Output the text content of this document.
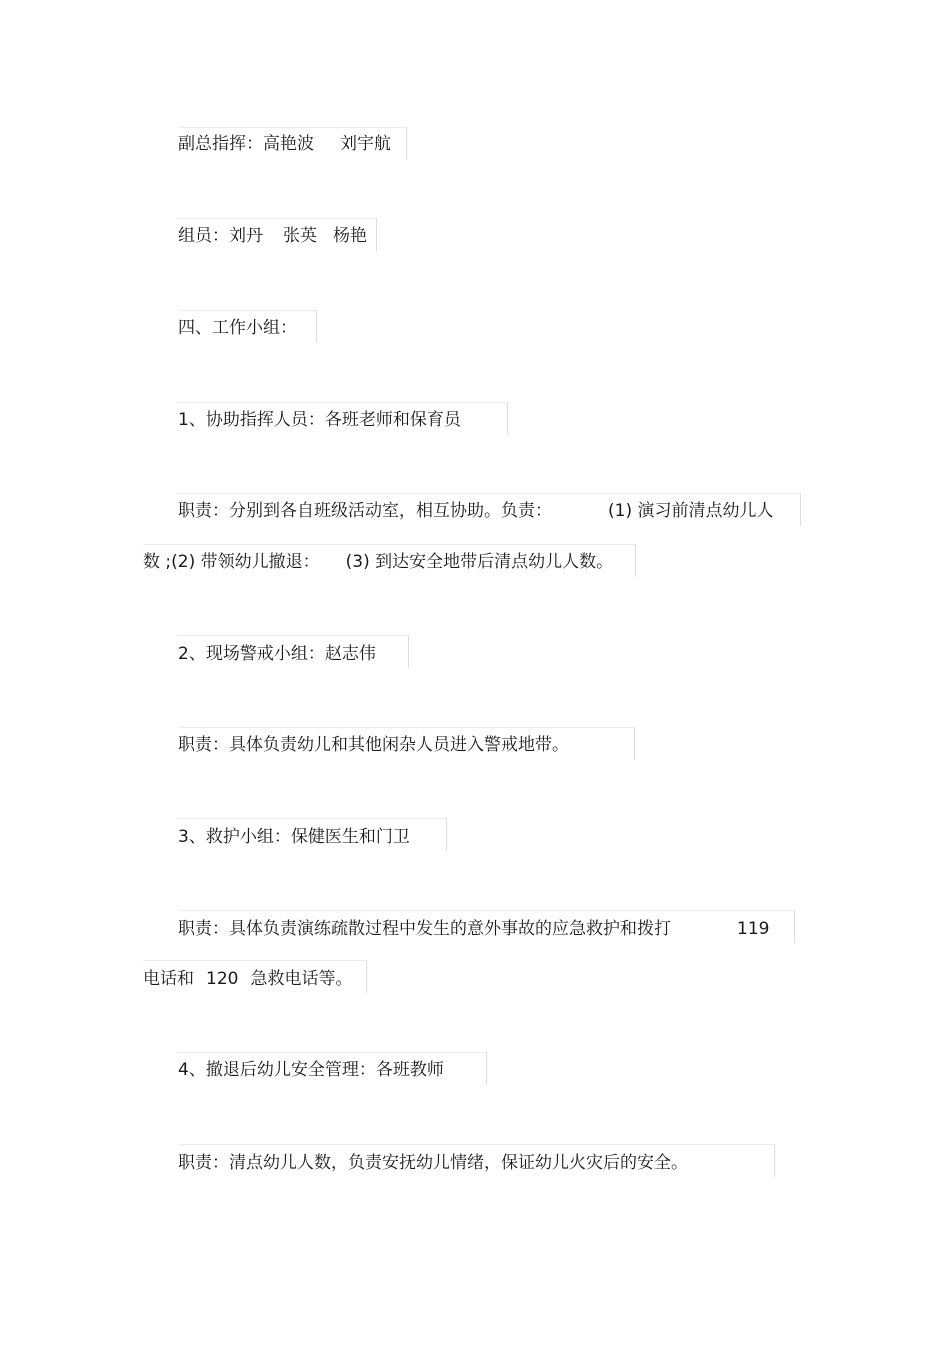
副总指挥：高艳波 刘宇航
组员：刘丹 张英 杨艳
四、工作小组：
1、协助指挥人员：各班老师和保育员
职责：分别到各自班级活动室，相互协助。负责：	(1) 演习前清点幼儿人
数 ;(2) 带领幼儿撤退： (3) 到达安全地带后清点幼儿人数。
2、现场警戒小组：赵志伟
职责：具体负责幼儿和其他闲杂人员进入警戒地带。
3、救护小组：保健医生和门卫
职责：具体负责演练疏散过程中发生的意外事故的应急救护和拨打	119
电话和 120 急救电话等。
4、撤退后幼儿安全管理：各班教师
职责：清点幼儿人数，负责安抚幼儿情绪，保证幼儿火灾后的安全。
